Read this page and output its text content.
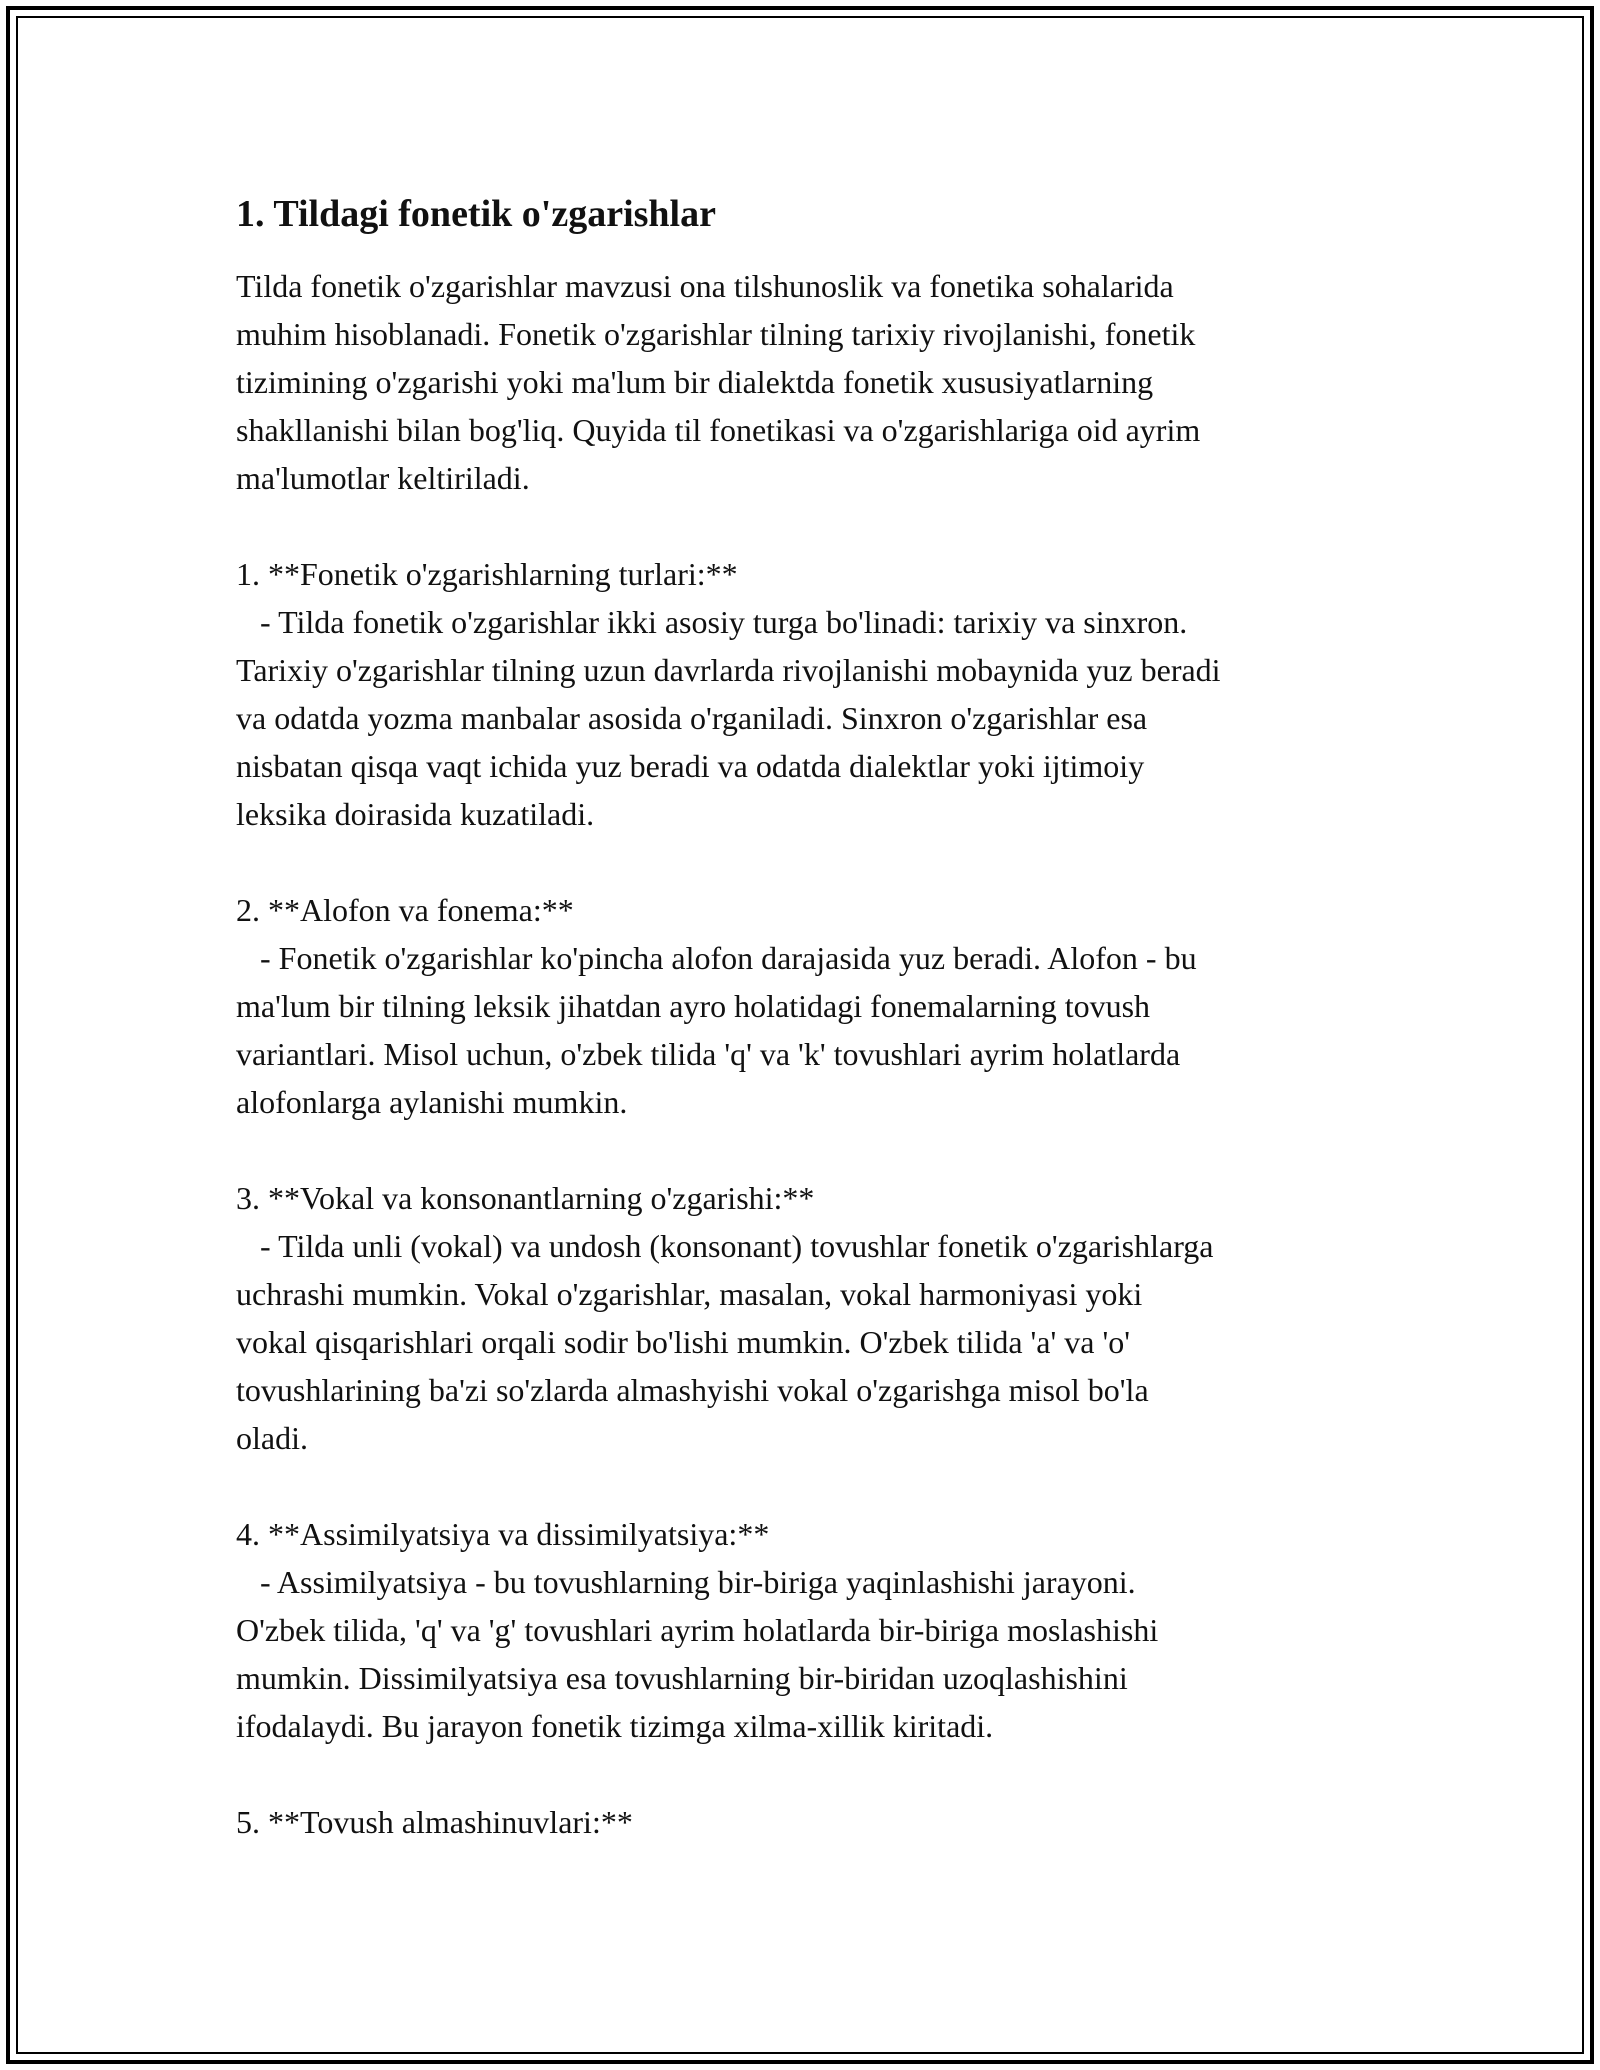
1. Tildagi fonetik o'zgarishlar
Tilda fonetik o'zgarishlar mavzusi ona tilshunoslik va fonetika sohalarida
muhim hisoblanadi. Fonetik o'zgarishlar tilning tarixiy rivojlanishi, fonetik
tizimining o'zgarishi yoki ma'lum bir dialektda fonetik xususiyatlarning
shakllanishi bilan bog'liq. Quyida til fonetikasi va o'zgarishlariga oid ayrim
ma'lumotlar keltiriladi.

1. **Fonetik o'zgarishlarning turlari:**
- Tilda fonetik o'zgarishlar ikki asosiy turga bo'linadi: tarixiy va sinxron.
Tarixiy o'zgarishlar tilning uzun davrlarda rivojlanishi mobaynida yuz beradi
va odatda yozma manbalar asosida o'rganiladi. Sinxron o'zgarishlar esa
nisbatan qisqa vaqt ichida yuz beradi va odatda dialektlar yoki ijtimoiy
leksika doirasida kuzatiladi.

2. **Alofon va fonema:**
- Fonetik o'zgarishlar ko'pincha alofon darajasida yuz beradi. Alofon - bu
ma'lum bir tilning leksik jihatdan ayro holatidagi fonemalarning tovush
variantlari. Misol uchun, o'zbek tilida 'q' va 'k' tovushlari ayrim holatlarda
alofonlarga aylanishi mumkin.

3. **Vokal va konsonantlarning o'zgarishi:**
- Tilda unli (vokal) va undosh (konsonant) tovushlar fonetik o'zgarishlarga
uchrashi mumkin. Vokal o'zgarishlar, masalan, vokal harmoniyasi yoki
vokal qisqarishlari orqali sodir bo'lishi mumkin. O'zbek tilida 'a' va 'o'
tovushlarining ba'zi so'zlarda almashyishi vokal o'zgarishga misol bo'la
oladi.

4. **Assimilyatsiya va dissimilyatsiya:**
- Assimilyatsiya - bu tovushlarning bir-biriga yaqinlashishi jarayoni.
O'zbek tilida, 'q' va 'g' tovushlari ayrim holatlarda bir-biriga moslashishi
mumkin. Dissimilyatsiya esa tovushlarning bir-biridan uzoqlashishini
ifodalaydi. Bu jarayon fonetik tizimga xilma-xillik kiritadi.

5. **Tovush almashinuvlari:**
